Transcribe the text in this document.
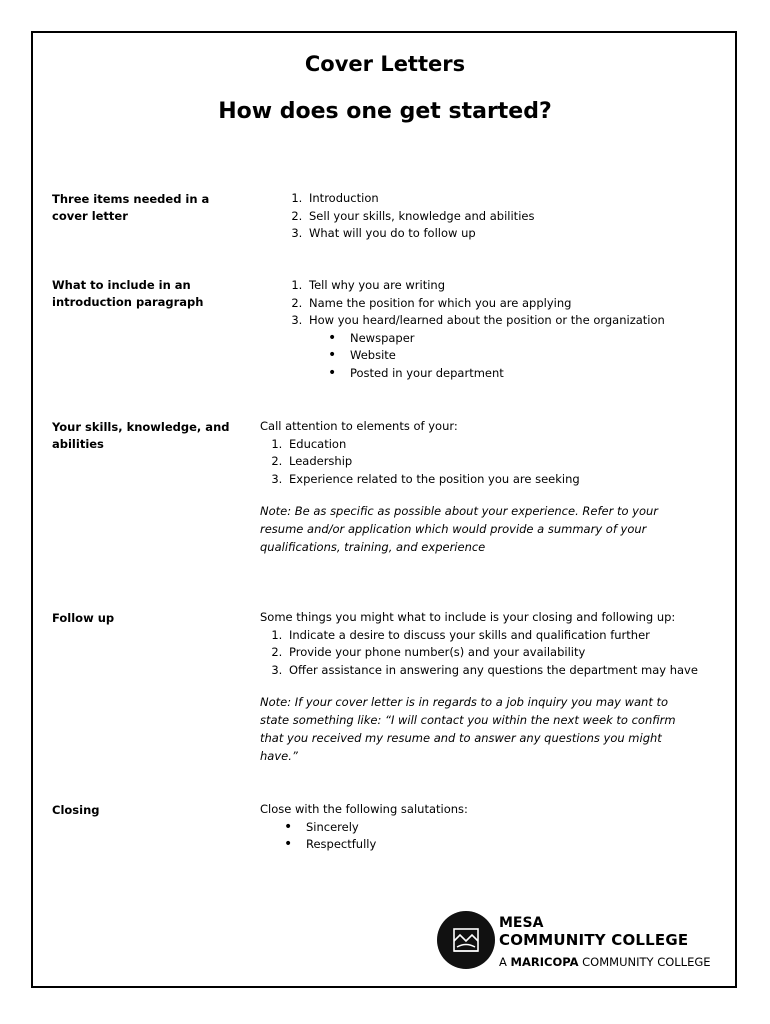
Cover Letters
How does one get started?
Three items needed in a cover letter
1. Introduction
2. Sell your skills, knowledge and abilities
3. What will you do to follow up
What to include in an introduction paragraph
1. Tell why you are writing
2. Name the position for which you are applying
3. How you heard/learned about the position or the organization
• Newspaper
• Website
• Posted in your department
Your skills, knowledge, and abilities

Call attention to elements of your:

1. Education
2. Leadership
3. Experience related to the position you are seeking

Note: Be as specific as possible about your experience. Refer to your resume and/or application which would provide a summary of your qualifications, training, and experience

Follow up	Some things you might what to include is your closing and following up:

1. Indicate a desire to discuss your skills and qualification further
2. Provide your phone number(s) and your availability
3. Offer assistance in answering any questions the department may have

Note: If your cover letter is in regards to a job inquiry you may want to state something like: “I will contact you within the next week to confirm that you received my resume and to answer any questions you might have.”

Closing	Close with the following salutations:

• Sincerely
• Respectfully
MESA
COMMUNITY COLLEGE
A MARICOPA COMMUNITY COLLEGE
